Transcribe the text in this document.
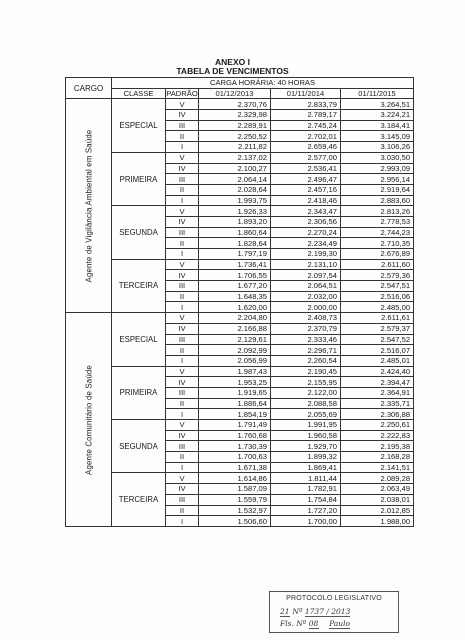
ANEXO I
TABELA DE VENCIMENTOS
CARGO	CARGA HORÁRIA: 40 HORAS				
	CLASSE	PADRÃO	01/12/2013	01/11/2014	01/11/2015

Agente de Vigilância Ambiental em Saúde	ESPECIAL	V	2.370,76	2.833,79	3.264,51
		IV	2.329,98	2.789,17	3.224,21
		III	2.289,91	2.745,24	3.184,41
		II	2.250,52	2.702,01	3.145,09
		I	2.211,82	2.659,46	3.106,26
	PRIMEIRA	V	2.137,02	2.577,00	3.030,50
		IV	2.100,27	2.536,41	2.993,09
		III	2.064,14	2.496,47	2.956,14
		II	2.028,64	2.457,16	2.919,64
		I	1.993,75	2.418,46	2.883,60
	SEGUNDA	V	1.926,33	2.343,47	2.813,26
		IV	1.893,20	2.306,56	2.778,53
		III	1.860,64	2.270,24	2.744,23
		II	1.828,64	2.234,49	2.710,35
		I	1.797,19	2.199,30	2.676,89
	TERCEIRA	V	1.736,41	2.131,10	2.611,60
		IV	1.706,55	2.097,54	2.579,36
		III	1.677,20	2.064,51	2.547,51
		II	1.648,35	2.032,00	2.516,06
		I	1.620,00	2.000,00	2.485,00

Agente Comunitário de Saúde	ESPECIAL	V	2.204,80	2.408,73	2.611,61
		IV	2.166,88	2.370,79	2.579,37
		III	2.129,61	2.333,46	2.547,52
		II	2.092,99	2.296,71	2.516,07
		I	2.056,99	2.260,54	2.485,01
	PRIMEIRA	V	1.987,43	2.190,45	2.424,40
		IV	1.953,25	2.155,95	2.394,47
		III	1.919,65	2.122,00	2.364,91
		II	1.886,64	2.088,58	2.335,71
		I	1.854,19	2.055,69	2.306,88
	SEGUNDA	V	1.791,49	1.991,95	2.250,61
		IV	1.760,68	1.960,58	2.222,83
		III	1.730,39	1.929,70	2.195,38
		II	1.700,63	1.899,32	2.168,28
		I	1.671,38	1.869,41	2.141,51
	TERCEIRA	V	1.614,86	1.811,44	2.089,28
		IV	1.587,09	1.782,91	2.063,49
		III	1.559,79	1.754,84	2.038,01
		II	1.532,97	1.727,20	2.012,85
		I	1.506,60	1.700,00	1.988,00
PROTOCOLO LEGISLATIVO
21 Nº 1737 / 2013
Fls. Nº 08 Paulo
